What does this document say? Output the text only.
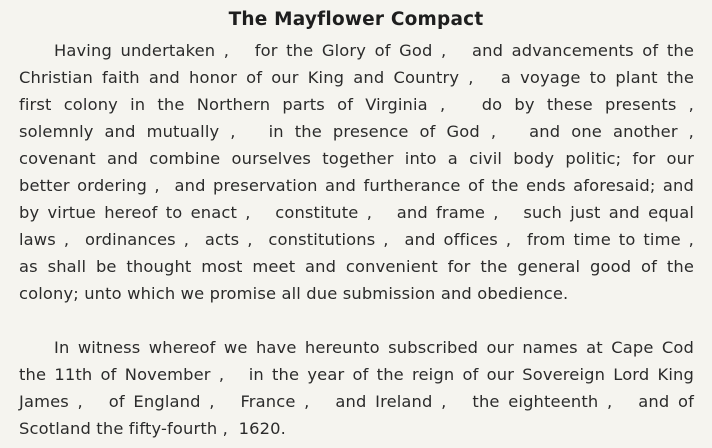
The Mayflower Compact
Having undertaken ,   for the Glory of God ,   and advancements of the
Christian faith and honor of our King and Country ,   a voyage to plant the
first colony in the Northern parts of Virginia ,   do by these presents ,
solemnly and mutually ,   in the presence of God ,   and one another ,
covenant and combine ourselves together into a civil body politic; for our
better ordering ,  and preservation and furtherance of the ends aforesaid; and
by virtue hereof to enact ,   constitute ,   and frame ,   such just and equal
laws ,  ordinances ,  acts ,  constitutions ,  and offices ,  from time to time ,
as shall be thought most meet and convenient for the general good of the
colony; unto which we promise all due submission and obedience.
In witness whereof we have hereunto subscribed our names at Cape Cod
the 11th of November ,   in the year of the reign of our Sovereign Lord King
James ,   of England ,   France ,   and Ireland ,   the eighteenth ,   and of
Scotland the fifty-fourth ,  1620.
